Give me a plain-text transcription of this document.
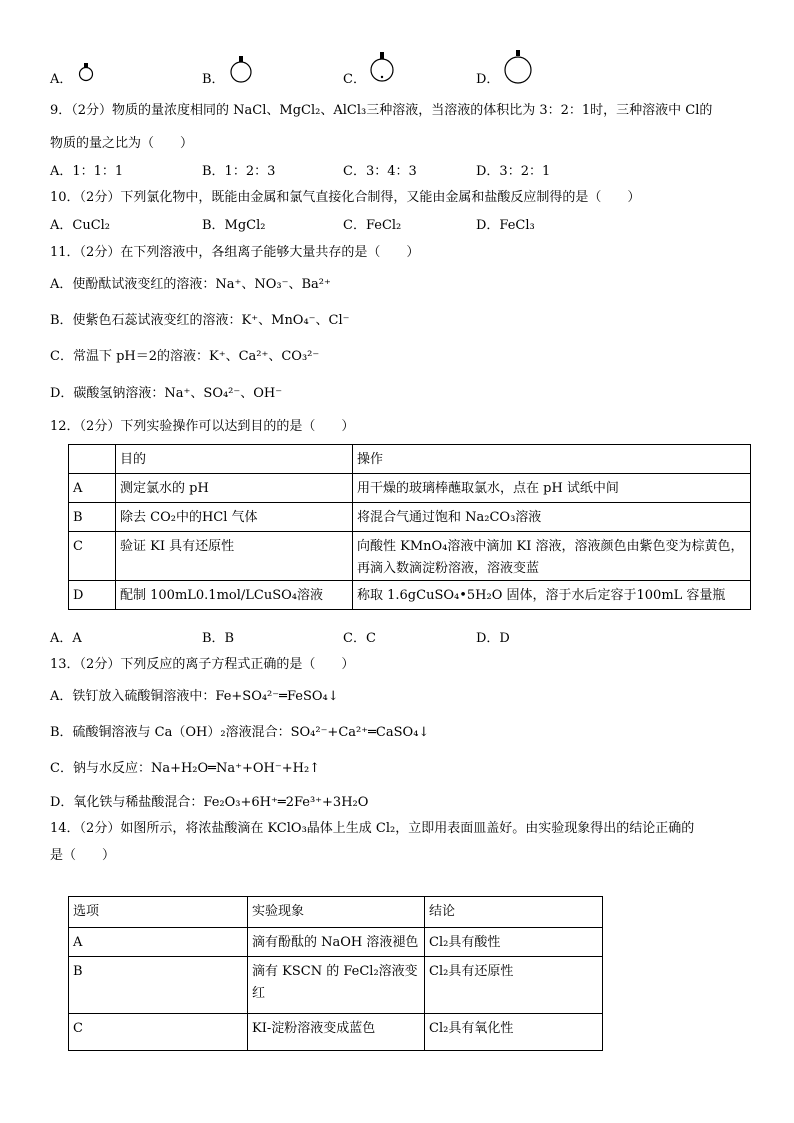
A．	B．	C．	D．
9．（2分）物质的量浓度相同的 NaCl、MgCl₂、AlCl₃三种溶液，当溶液的体积比为 3：2：1时，三种溶液中 Cl的
物质的量之比为（　　）
A．1：1：1	B．1：2：3	C．3：4：3	D．3：2：1
10．（2分）下列氯化物中，既能由金属和氯气直接化合制得，又能由金属和盐酸反应制得的是（　　）
A．CuCl₂	B．MgCl₂	C．FeCl₂	D．FeCl₃
11．（2分）在下列溶液中，各组离子能够大量共存的是（　　）
A．使酚酞试液变红的溶液：Na⁺、NO₃⁻、Ba²⁺
B．使紫色石蕊试液变红的溶液：K⁺、MnO₄⁻、Cl⁻
C．常温下 pH＝2的溶液：K⁺、Ca²⁺、CO₃²⁻
D．碳酸氢钠溶液：Na⁺、SO₄²⁻、OH⁻
12．（2分）下列实验操作可以达到目的的是（　　）
	目的	操作
A	测定氯水的 pH	用干燥的玻璃棒蘸取氯水，点在 pH 试纸中间
B	除去 CO₂中的HCl 气体	将混合气通过饱和 Na₂CO₃溶液
C	验证 KI 具有还原性	向酸性 KMnO₄溶液中滴加 KI 溶液，溶液颜色由紫色变为棕黄色，再滴入数滴淀粉溶液，溶液变蓝
D	配制 100mL0.1mol/LCuSO₄溶液	称取 1.6gCuSO₄•5H₂O 固体，溶于水后定容于100mL 容量瓶
A．A	B．B	C．C	D．D
13．（2分）下列反应的离子方程式正确的是（　　）
A．铁钉放入硫酸铜溶液中：Fe+SO₄²⁻═FeSO₄↓
B．硫酸铜溶液与 Ca（OH）₂溶液混合：SO₄²⁻+Ca²⁺═CaSO₄↓
C．钠与水反应：Na+H₂O═Na⁺+OH⁻+H₂↑
D．氧化铁与稀盐酸混合：Fe₂O₃+6H⁺═2Fe³⁺+3H₂O
14．（2分）如图所示，将浓盐酸滴在 KClO₃晶体上生成 Cl₂，立即用表面皿盖好。由实验现象得出的结论正确的
是（　　）
选项	实验现象	结论
A	滴有酚酞的 NaOH 溶液褪色	Cl₂具有酸性
B	滴有 KSCN 的 FeCl₂溶液变红	Cl₂具有还原性
C	KI-淀粉溶液变成蓝色	Cl₂具有氧化性
